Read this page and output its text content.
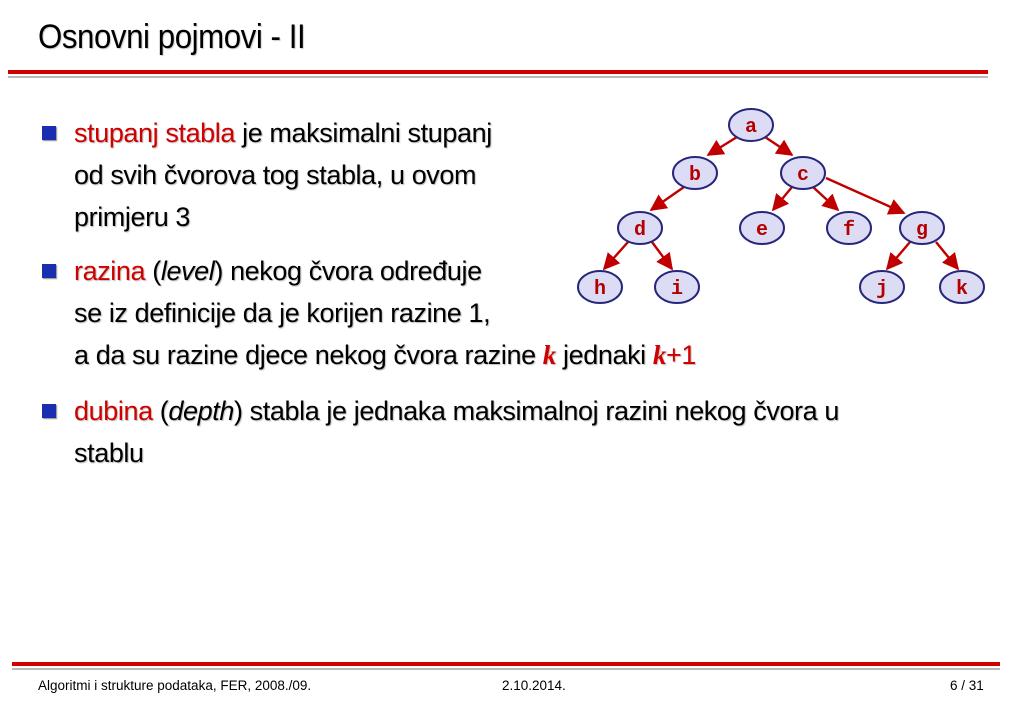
Osnovni pojmovi - II
stupanj stabla je maksimalni stupanj
od svih čvorova tog stabla, u ovom
primjeru 3
razina (level) nekog čvora određuje
se iz definicije da je korijen razine 1,
a da su razine djece nekog čvora razine k jednaki k+1
dubina (depth) stabla je jednaka maksimalnoj razini nekog čvora u
stablu
a
b	c
d	e	f	g
h	i	j	k
Algoritmi i strukture podataka, FER, 2008./09.	2.10.2014.	6 / 31
